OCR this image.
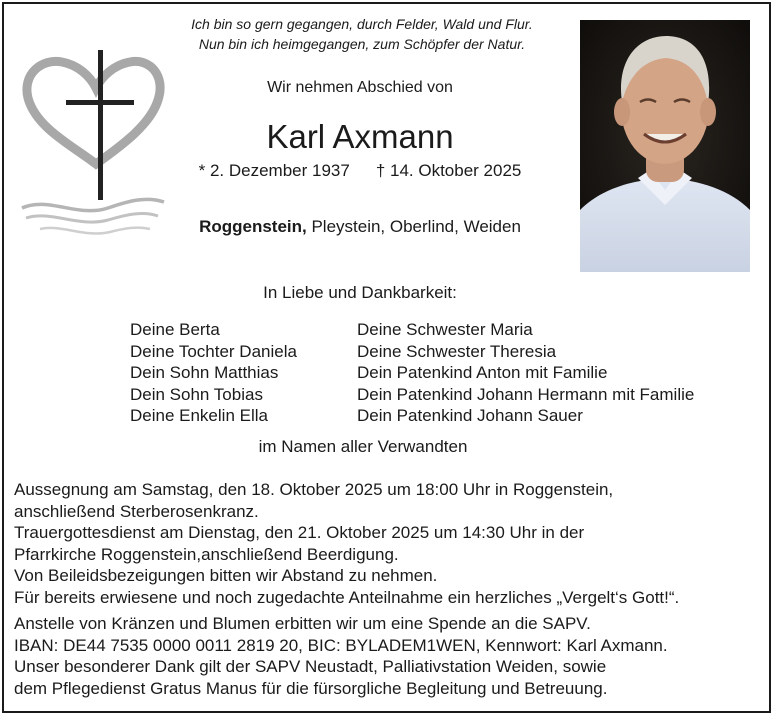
Ich bin so gern gegangen, durch Felder, Wald und Flur.
Nun bin ich heimgegangen, zum Schöpfer der Natur.
Wir nehmen Abschied von
Karl Axmann
* 2. Dezember 1937 † 14. Oktober 2025
Roggenstein, Pleystein, Oberlind, Weiden
In Liebe und Dankbarkeit:
Deine Berta
Deine Tochter Daniela
Dein Sohn Matthias
Dein Sohn Tobias
Deine Enkelin Ella
Deine Schwester Maria
Deine Schwester Theresia
Dein Patenkind Anton mit Familie
Dein Patenkind Johann Hermann mit Familie
Dein Patenkind Johann Sauer
im Namen aller Verwandten
Aussegnung am Samstag, den 18. Oktober 2025 um 18:00 Uhr in Roggenstein,
anschließend Sterberosenkranz.
Trauergottesdienst am Dienstag, den 21. Oktober 2025 um 14:30 Uhr in der
Pfarrkirche Roggenstein,anschließend Beerdigung.
Von Beileidsbezeigungen bitten wir Abstand zu nehmen.
Für bereits erwiesene und noch zugedachte Anteilnahme ein herzliches „Vergelt‘s Gott!“.
Anstelle von Kränzen und Blumen erbitten wir um eine Spende an die SAPV.
IBAN: DE44 7535 0000 0011 2819 20, BIC: BYLADEM1WEN, Kennwort: Karl Axmann.
Unser besonderer Dank gilt der SAPV Neustadt, Palliativstation Weiden, sowie
dem Pflegedienst Gratus Manus für die fürsorgliche Begleitung und Betreuung.
